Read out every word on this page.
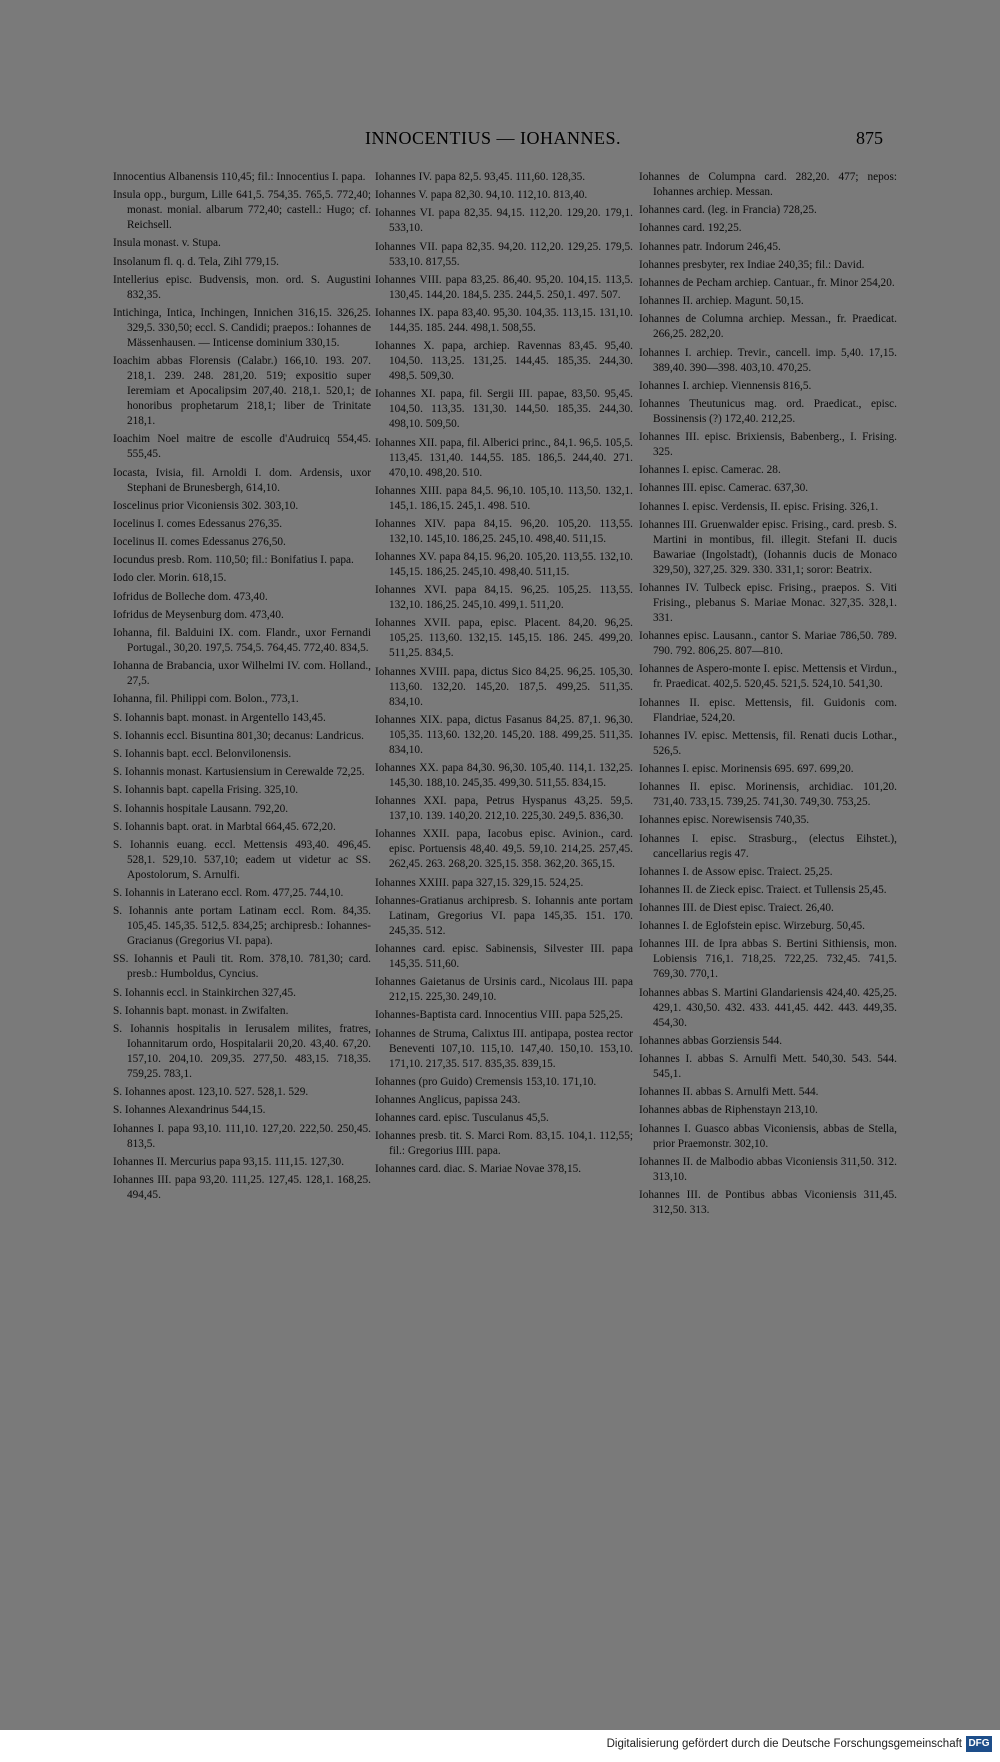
INNOCENTIUS — IOHANNES.	875

Innocentius Albanensis 110,45; fil.: Innocentius I. papa.

Insula opp., burgum, Lille 641,5. 754,35. 765,5. 772,40; monast. monial. albarum 772,40; castell.: Hugo; cf. Reichsell.

Insula monast. v. Stupa.

Insolanum fl. q. d. Tela, Zihl 779,15.

Intellerius episc. Budvensis, mon. ord. S. Augustini 832,35.

Intichinga, Intica, Inchingen, Innichen 316,15. 326,25. 329,5. 330,50; eccl. S. Candidi; praepos.: Iohannes de Mässenhausen. — Inticense dominium 330,15.

Ioachim abbas Florensis (Calabr.) 166,10. 193. 207. 218,1. 239. 248. 281,20. 519; expositio super Ieremiam et Apocalipsim 207,40. 218,1. 520,1; de honoribus prophetarum 218,1; liber de Trinitate 218,1.

Ioachim Noel maitre de escolle d'Audruicq 554,45. 555,45.

Iocasta, Ivisia, fil. Arnoldi I. dom. Ardensis, uxor Stephani de Brunesbergh, 614,10.

Ioscelinus prior Viconiensis 302. 303,10.

Iocelinus I. comes Edessanus 276,35.

Iocelinus II. comes Edessanus 276,50.

Iocundus presb. Rom. 110,50; fil.: Bonifatius I. papa.

Iodo cler. Morin. 618,15.

Iofridus de Bolleche dom. 473,40.

Iofridus de Meysenburg dom. 473,40.

Iohanna, fil. Balduini IX. com. Flandr., uxor Fernandi Portugal., 30,20. 197,5. 754,5. 764,45. 772,40. 834,5.

Iohanna de Brabancia, uxor Wilhelmi IV. com. Holland., 27,5.

Iohanna, fil. Philippi com. Bolon., 773,1.

S. Iohannis bapt. monast. in Argentello 143,45.

S. Iohannis eccl. Bisuntina 801,30; decanus: Landricus.

S. Iohannis bapt. eccl. Belonvilonensis.

S. Iohannis monast. Kartusiensium in Cerewalde 72,25.

S. Iohannis bapt. capella Frising. 325,10.

S. Iohannis hospitale Lausann. 792,20.

S. Iohannis bapt. orat. in Marbtal 664,45. 672,20.

S. Iohannis euang. eccl. Mettensis 493,40. 496,45. 528,1. 529,10. 537,10; eadem ut videtur ac SS. Apostolorum, S. Arnulfi.

S. Iohannis in Laterano eccl. Rom. 477,25. 744,10.

S. Iohannis ante portam Latinam eccl. Rom. 84,35. 105,45. 145,35. 512,5. 834,25; archipresb.: Iohannes-Gracianus (Gregorius VI. papa).

SS. Iohannis et Pauli tit. Rom. 378,10. 781,30; card. presb.: Humboldus, Cyncius.

S. Iohannis eccl. in Stainkirchen 327,45.

S. Iohannis bapt. monast. in Zwifalten.

S. Iohannis hospitalis in Ierusalem milites, fratres, Iohannitarum ordo, Hospitalarii 20,20. 43,40. 67,20. 157,10. 204,10. 209,35. 277,50. 483,15. 718,35. 759,25. 783,1.

S. Iohannes apost. 123,10. 527. 528,1. 529.

S. Iohannes Alexandrinus 544,15.

Iohannes I. papa 93,10. 111,10. 127,20. 222,50. 250,45. 813,5.

Iohannes II. Mercurius papa 93,15. 111,15. 127,30.

Iohannes III. papa 93,20. 111,25. 127,45. 128,1. 168,25. 494,45.

Iohannes IV. papa 82,5. 93,45. 111,60. 128,35.

Iohannes V. papa 82,30. 94,10. 112,10. 813,40.

Iohannes VI. papa 82,35. 94,15. 112,20. 129,20. 179,1. 533,10.

Iohannes VII. papa 82,35. 94,20. 112,20. 129,25. 179,5. 533,10. 817,55.

Iohannes VIII. papa 83,25. 86,40. 95,20. 104,15. 113,5. 130,45. 144,20. 184,5. 235. 244,5. 250,1. 497. 507.

Iohannes IX. papa 83,40. 95,30. 104,35. 113,15. 131,10. 144,35. 185. 244. 498,1. 508,55.

Iohannes X. papa, archiep. Ravennas 83,45. 95,40. 104,50. 113,25. 131,25. 144,45. 185,35. 244,30. 498,5. 509,30.

Iohannes XI. papa, fil. Sergii III. papae, 83,50. 95,45. 104,50. 113,35. 131,30. 144,50. 185,35. 244,30. 498,10. 509,50.

Iohannes XII. papa, fil. Alberici princ., 84,1. 96,5. 105,5. 113,45. 131,40. 144,55. 185. 186,5. 244,40. 271. 470,10. 498,20. 510.

Iohannes XIII. papa 84,5. 96,10. 105,10. 113,50. 132,1. 145,1. 186,15. 245,1. 498. 510.

Iohannes XIV. papa 84,15. 96,20. 105,20. 113,55. 132,10. 145,10. 186,25. 245,10. 498,40. 511,15.

Iohannes XV. papa 84,15. 96,20. 105,20. 113,55. 132,10. 145,15. 186,25. 245,10. 498,40. 511,15.

Iohannes XVI. papa 84,15. 96,25. 105,25. 113,55. 132,10. 186,25. 245,10. 499,1. 511,20.

Iohannes XVII. papa, episc. Placent. 84,20. 96,25. 105,25. 113,60. 132,15. 145,15. 186. 245. 499,20. 511,25. 834,5.

Iohannes XVIII. papa, dictus Sico 84,25. 96,25. 105,30. 113,60. 132,20. 145,20. 187,5. 499,25. 511,35. 834,10.

Iohannes XIX. papa, dictus Fasanus 84,25. 87,1. 96,30. 105,35. 113,60. 132,20. 145,20. 188. 499,25. 511,35. 834,10.

Iohannes XX. papa 84,30. 96,30. 105,40. 114,1. 132,25. 145,30. 188,10. 245,35. 499,30. 511,55. 834,15.

Iohannes XXI. papa, Petrus Hyspanus 43,25. 59,5. 137,10. 139. 140,20. 212,10. 225,30. 249,5. 836,30.

Iohannes XXII. papa, Iacobus episc. Avinion., card. episc. Portuensis 48,40. 49,5. 59,10. 214,25. 257,45. 262,45. 263. 268,20. 325,15. 358. 362,20. 365,15.

Iohannes XXIII. papa 327,15. 329,15. 524,25.

Iohannes-Gratianus archipresb. S. Iohannis ante portam Latinam, Gregorius VI. papa 145,35. 151. 170. 245,35. 512.

Iohannes card. episc. Sabinensis, Silvester III. papa 145,35. 511,60.

Iohannes Gaietanus de Ursinis card., Nicolaus III. papa 212,15. 225,30. 249,10.

Iohannes-Baptista card. Innocentius VIII. papa 525,25.

Iohannes de Struma, Calixtus III. antipapa, postea rector Beneventi 107,10. 115,10. 147,40. 150,10. 153,10. 171,10. 217,35. 517. 835,35. 839,15.

Iohannes (pro Guido) Cremensis 153,10. 171,10.

Iohannes Anglicus, papissa 243.

Iohannes card. episc. Tusculanus 45,5.

Iohannes presb. tit. S. Marci Rom. 83,15. 104,1. 112,55; fil.: Gregorius IIII. papa.

Iohannes card. diac. S. Mariae Novae 378,15.

Iohannes de Columpna card. 282,20. 477; nepos: Iohannes archiep. Messan.

Iohannes card. (leg. in Francia) 728,25.

Iohannes card. 192,25.

Iohannes patr. Indorum 246,45.

Iohannes presbyter, rex Indiae 240,35; fil.: David.

Iohannes de Pecham archiep. Cantuar., fr. Minor 254,20.

Iohannes II. archiep. Magunt. 50,15.

Iohannes de Columna archiep. Messan., fr. Praedicat. 266,25. 282,20.

Iohannes I. archiep. Trevir., cancell. imp. 5,40. 17,15. 389,40. 390—398. 403,10. 470,25.

Iohannes I. archiep. Viennensis 816,5.

Iohannes Theutunicus mag. ord. Praedicat., episc. Bossinensis (?) 172,40. 212,25.

Iohannes III. episc. Brixiensis, Babenberg., I. Frising. 325.

Iohannes I. episc. Camerac. 28.

Iohannes III. episc. Camerac. 637,30.

Iohannes I. episc. Verdensis, II. episc. Frising. 326,1.

Iohannes III. Gruenwalder episc. Frising., card. presb. S. Martini in montibus, fil. illegit. Stefani II. ducis Bawariae (Ingolstadt), (Iohannis ducis de Monaco 329,50), 327,25. 329. 330. 331,1; soror: Beatrix.

Iohannes IV. Tulbeck episc. Frising., praepos. S. Viti Frising., plebanus S. Mariae Monac. 327,35. 328,1. 331.

Iohannes episc. Lausann., cantor S. Mariae 786,50. 789. 790. 792. 806,25. 807—810.

Iohannes de Aspero-monte I. episc. Mettensis et Virdun., fr. Praedicat. 402,5. 520,45. 521,5. 524,10. 541,30.

Iohannes II. episc. Mettensis, fil. Guidonis com. Flandriae, 524,20.

Iohannes IV. episc. Mettensis, fil. Renati ducis Lothar., 526,5.

Iohannes I. episc. Morinensis 695. 697. 699,20.

Iohannes II. episc. Morinensis, archidiac. 101,20. 731,40. 733,15. 739,25. 741,30. 749,30. 753,25.

Iohannes episc. Norewisensis 740,35.

Iohannes I. episc. Strasburg., (electus Eihstet.), cancellarius regis 47.

Iohannes I. de Assow episc. Traiect. 25,25.

Iohannes II. de Zieck episc. Traiect. et Tullensis 25,45.

Iohannes III. de Diest episc. Traiect. 26,40.

Iohannes I. de Eglofstein episc. Wirzeburg. 50,45.

Iohannes III. de Ipra abbas S. Bertini Sithiensis, mon. Lobiensis 716,1. 718,25. 722,25. 732,45. 741,5. 769,30. 770,1.

Iohannes abbas S. Martini Glandariensis 424,40. 425,25. 429,1. 430,50. 432. 433. 441,45. 442. 443. 449,35. 454,30.

Iohannes abbas Gorziensis 544.

Iohannes I. abbas S. Arnulfi Mett. 540,30. 543. 544. 545,1.

Iohannes II. abbas S. Arnulfi Mett. 544.

Iohannes abbas de Riphenstayn 213,10.

Iohannes I. Guasco abbas Viconiensis, abbas de Stella, prior Praemonstr. 302,10.

Iohannes II. de Malbodio abbas Viconiensis 311,50. 312. 313,10.

Iohannes III. de Pontibus abbas Viconiensis 311,45. 312,50. 313.

Digitalisierung gefördert durch die Deutsche Forschungsgemeinschaft DFG
